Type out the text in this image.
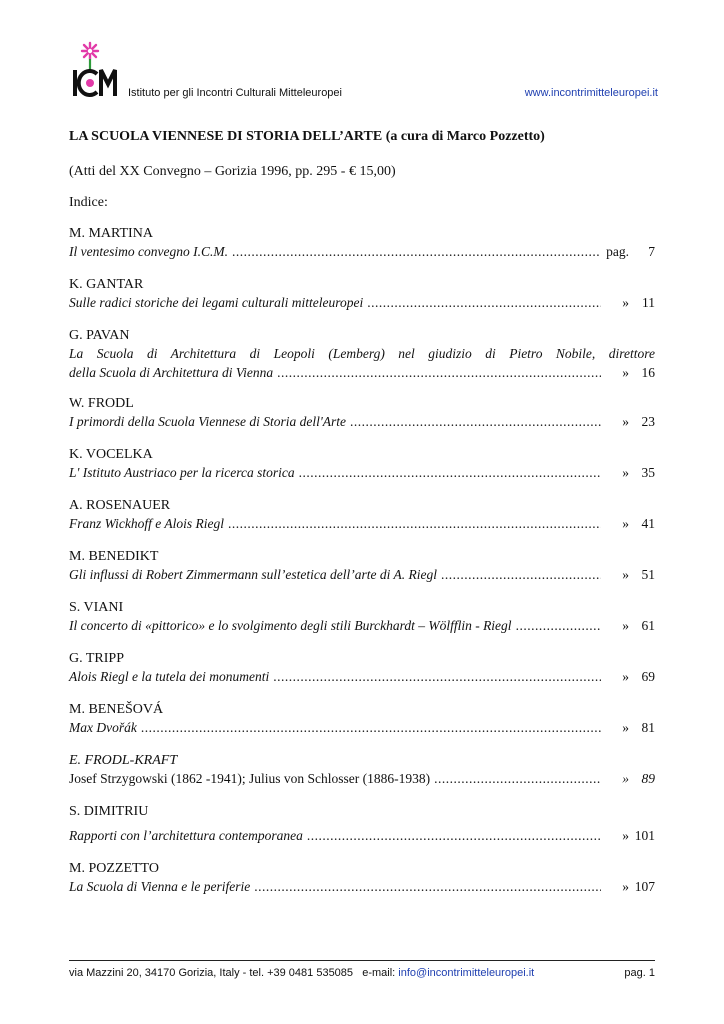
Istituto per gli Incontri Culturali Mitteleuropei	www.incontrimitteleuropei.it
LA SCUOLA VIENNESE DI STORIA DELL’ARTE (a cura di Marco Pozzetto)
(Atti del XX Convegno – Gorizia 1996, pp. 295 - € 15,00)
Indice:
M. MARTINA
Il ventesimo convegno I.C.M. .....	pag.	7
K. GANTAR
Sulle radici storiche dei legami culturali mitteleuropei .....	» 11
G. PAVAN
La Scuola di Architettura di Leopoli (Lemberg) nel giudizio di Pietro Nobile, direttore
della Scuola di Architettura di Vienna .....	» 16
W. FRODL
I primordi della Scuola Viennese di Storia dell'Arte .....	» 23
K. VOCELKA
L' Istituto Austriaco per la ricerca storica .....	» 35
A. ROSENAUER
Franz Wickhoff e Alois Riegl .....	» 41
M. BENEDIKT
Gli influssi di Robert Zimmermann sull’estetica dell’arte di A. Riegl .....	» 51
S. VIANI
Il concerto di «pittorico» e lo svolgimento degli stili Burckhardt – Wölfflin - Riegl .....	» 61
G. TRIPP
Alois Riegl e la tutela dei monumenti .....	» 69
M. BENEŠOVÁ
Max Dvořák .....	» 81
E. FRODL-KRAFT
Josef Strzygowski (1862 -1941); Julius von Schlosser (1886-1938) .....	» 89
S. DIMITRIU
Rapporti con l’architettura contemporanea .....	» 101
M. POZZETTO
La Scuola di Vienna e le periferie .....	» 107
via Mazzini 20, 34170 Gorizia, Italy - tel. +39 0481 535085 e-mail: info@incontrimitteleuropei.it	pag. 1
